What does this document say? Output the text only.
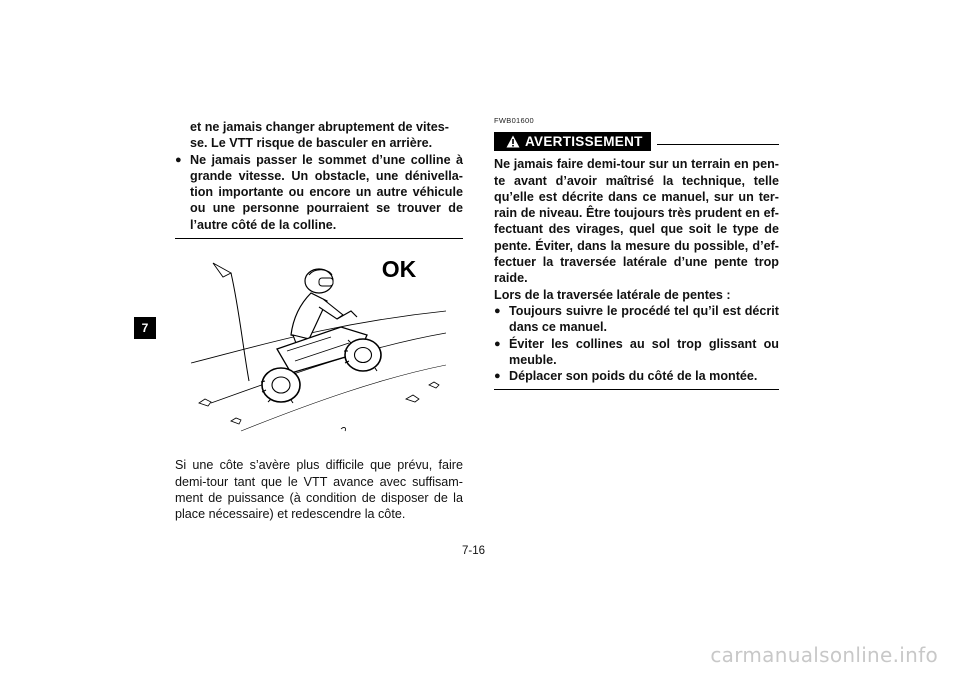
7
et ne jamais changer abruptement de vites-
se. Le VTT risque de basculer en arrière.
● Ne jamais passer le sommet d’une colline à grande vitesse. Un obstacle, une dénivella-tion importante ou encore un autre véhicule ou une personne pourraient se trouver de l’autre côté de la colline.
OK
Si une côte s’avère plus difficile que prévu, faire demi-tour tant que le VTT avance avec suffisam-ment de puissance (à condition de disposer de la place nécessaire) et redescendre la côte.
FWB01600
AVERTISSEMENT
Ne jamais faire demi-tour sur un terrain en pen-te avant d’avoir maîtrisé la technique, telle qu’elle est décrite dans ce manuel, sur un ter-rain de niveau. Être toujours très prudent en ef-fectuant des virages, quel que soit le type de pente. Éviter, dans la mesure du possible, d’ef-fectuer la traversée latérale d’une pente trop raide.
Lors de la traversée latérale de pentes :
● Toujours suivre le procédé tel qu’il est décrit dans ce manuel.
● Éviter les collines au sol trop glissant ou meuble.
● Déplacer son poids du côté de la montée.
7-16
carmanualsonline.info
